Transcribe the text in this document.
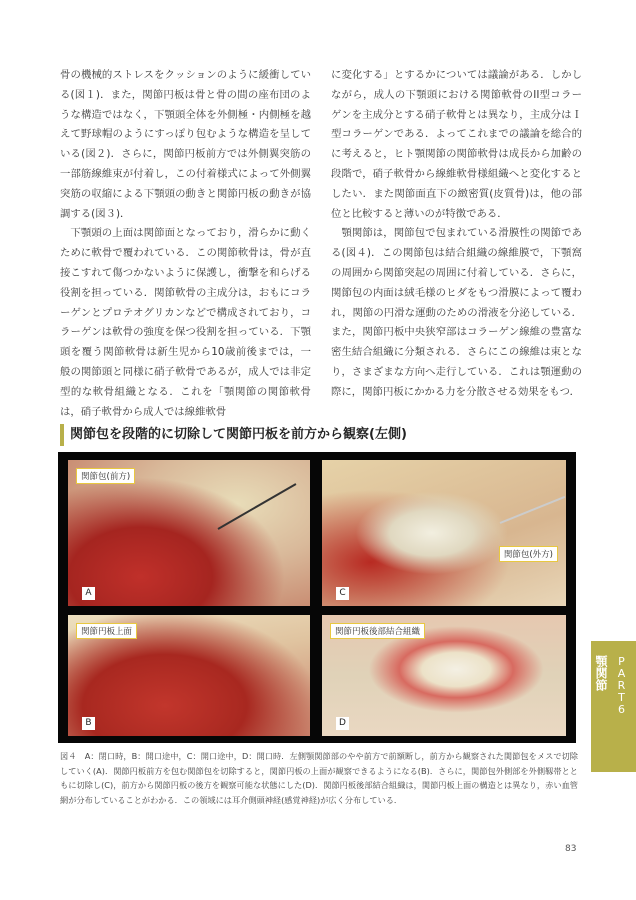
骨の機械的ストレスをクッションのように緩衝している(図１)．また，関節円板は骨と骨の間の座布団のような構造ではなく，下顎頭全体を外側極・内側極を越えて野球帽のようにすっぽり包むような構造を呈している(図２)．さらに，関節円板前方では外側翼突筋の一部筋線維束が付着し，この付着様式によって外側翼突筋の収縮による下顎頭の動きと関節円板の動きが協調する(図３)．

下顎頭の上面は関節面となっており，滑らかに動くために軟骨で覆われている．この関節軟骨は，骨が直接こすれて傷つかないように保護し，衝撃を和らげる役割を担っている．関節軟骨の主成分は，おもにコラーゲンとプロテオグリカンなどで構成されており，コラーゲンは軟骨の強度を保つ役割を担っている．下顎頭を覆う関節軟骨は新生児から10歳前後までは，一般の関節頭と同様に硝子軟骨であるが，成人では非定型的な軟骨組織となる．これを「顎関節の関節軟骨は，硝子軟骨から成人では線維軟骨

に変化する」とするかについては議論がある．しかしながら，成人の下顎頭における関節軟骨のII型コラーゲンを主成分とする硝子軟骨とは異なり，主成分はＩ型コラーゲンである．よってこれまでの議論を総合的に考えると，ヒト顎関節の関節軟骨は成長から加齢の段階で，硝子軟骨から線維軟骨様組織へと変化するとしたい．また関節面直下の緻密質(皮質骨)は，他の部位と比較すると薄いのが特徴である．

顎関節は，関節包で包まれている滑膜性の関節である(図４)．この関節包は結合組織の線維膜で，下顎窩の周囲から関節突起の周囲に付着している．さらに，関節包の内面は絨毛様のヒダをもつ滑膜によって覆われ，関節の円滑な運動のための滑液を分泌している．また，関節円板中央狭窄部はコラーゲン線維の豊富な密生結合組織に分類される．さらにこの線維は束となり，さまざまな方向へ走行している．これは顎運動の際に，関節円板にかかる力を分散させる効果をもつ．

関節包を段階的に切除して関節円板を前方から観察(左側)
関節包(前方)
A
関節包(外方)
C
関節円板上面
B
関節円板後部結合組織
D
図４　A：閉口時，B：開口途中，C：開口途中，D：開口時．左側顎関節部のやや前方で前額断し，前方から観察された関節包をメスで切除していく(A)．関節円板前方を包む関節包を切除すると，関節円板の上面が観察できるようになる(B)．さらに，関節包外側部を外側靱帯とともに切除し(C)，前方から関節円板の後方を観察可能な状態にした(D)．関節円板後部結合組織は，関節円板上面の構造とは異なり，赤い血管網が分布していることがわかる．この領域には耳介側頭神経(感覚神経)が広く分布している．
顎関節 PART6
83
